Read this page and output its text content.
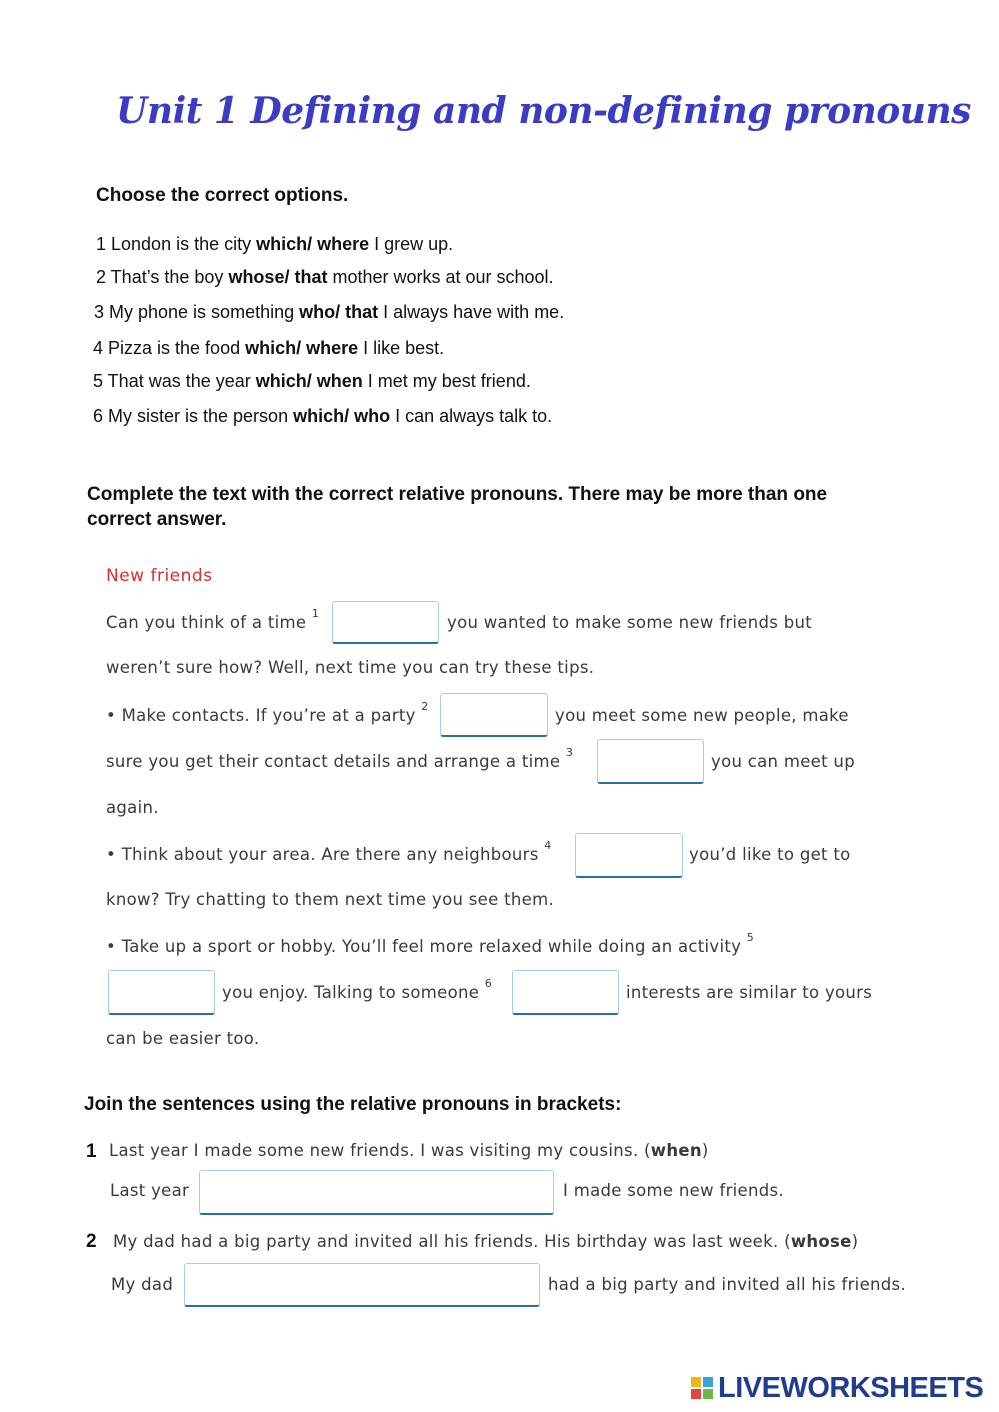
Unit 1 Defining and non-defining pronouns
Choose the correct options.
1 London is the city which/ where I grew up.
2 That’s the boy whose/ that mother works at our school.
3 My phone is something who/ that I always have with me.
4 Pizza is the food which/ where I like best.
5 That was the year which/ when I met my best friend.
6 My sister is the person which/ who I can always talk to.
Complete the text with the correct relative pronouns. There may be more than one
correct answer.
New friends
Can you think of a time $^1$	you wanted to make some new friends but
weren’t sure how? Well, next time you can try these tips.
• Make contacts. If you’re at a party $^2$	you meet some new people, make
sure you get their contact details and arrange a time $^3$	you can meet up
again.
• Think about your area. Are there any neighbours $^4$	you’d like to get to
know? Try chatting to them next time you see them.
• Take up a sport or hobby. You’ll feel more relaxed while doing an activity $^5$
you enjoy. Talking to someone $^6$	interests are similar to yours
can be easier too.
Join the sentences using the relative pronouns in brackets:
1 Last year I made some new friends. I was visiting my cousins. (when)
Last year	I made some new friends.
2 My dad had a big party and invited all his friends. His birthday was last week. (whose)
My dad	had a big party and invited all his friends.
LIVEWORKSHEETS
